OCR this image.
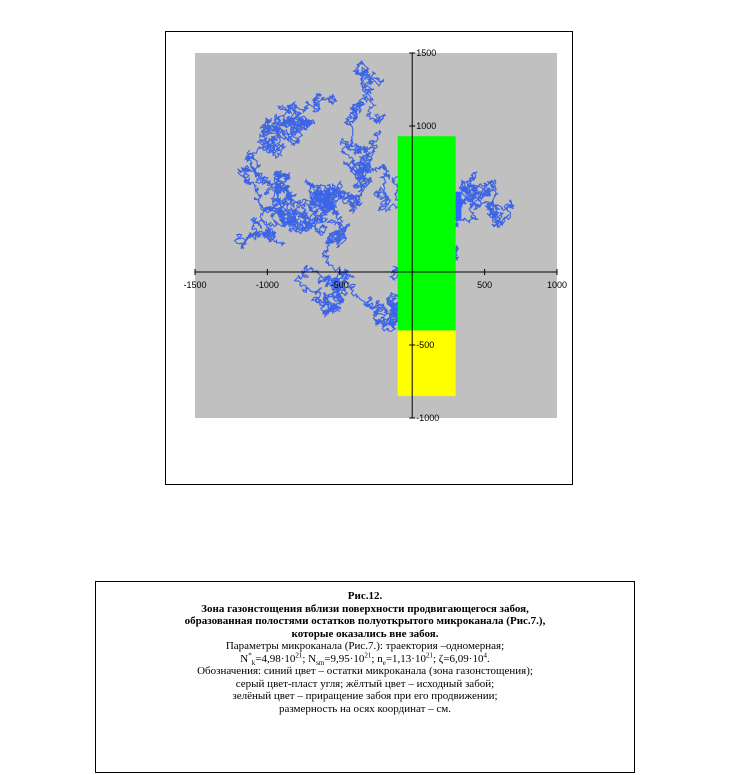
-1500	-1000	-500	500	1000
1500
1000
-500
-1000
Рис.12.
Зона газонстощения вблизи поверхности продвигающегося забоя,
образованная полостями остатков полуоткрытого микроканала (Рис.7.),
которые оказались вне забоя.
Параметры микроканала (Рис.7.): траектория –одномерная;
$N^*_k=4,98\cdot 10^{21}$; $N_{sm}=9,95\cdot 10^{21}$; $n_e=1,13\cdot 10^{21}$; $\zeta=6,09\cdot 10^4$.
Обозначения: синий цвет – остатки микроканала (зона газонстощения);
серый цвет-пласт угля; жёлтый цвет – исходный забой;
зелёный цвет – приращение забоя при его продвижении;
размерность на осях координат – см.
